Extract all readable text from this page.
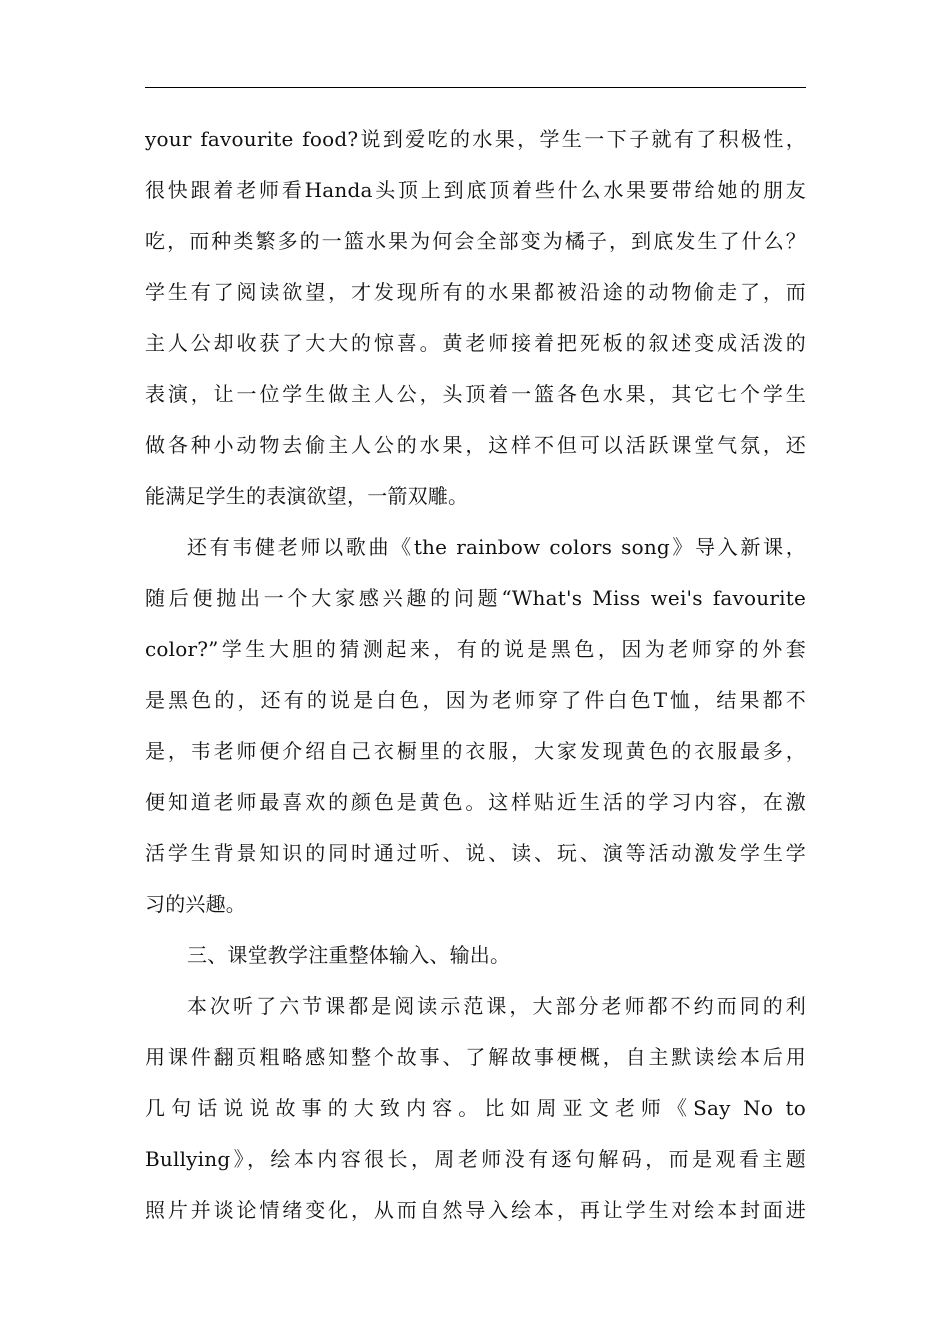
your favourite food?说到爱吃的水果，学生一下子就有了积极性，
很快跟着老师看Handa头顶上到底顶着些什么水果要带给她的朋友
吃，而种类繁多的一篮水果为何会全部变为橘子，到底发生了什么？
学生有了阅读欲望，才发现所有的水果都被沿途的动物偷走了，而
主人公却收获了大大的惊喜。黄老师接着把死板的叙述变成活泼的
表演，让一位学生做主人公，头顶着一篮各色水果，其它七个学生
做各种小动物去偷主人公的水果，这样不但可以活跃课堂气氛，还
能满足学生的表演欲望，一箭双雕。
还有韦健老师以歌曲《the rainbow colors song》导入新课，
随后便抛出一个大家感兴趣的问题“What's Miss wei's favourite
color?”学生大胆的猜测起来，有的说是黑色，因为老师穿的外套
是黑色的，还有的说是白色，因为老师穿了件白色T恤，结果都不
是，韦老师便介绍自己衣橱里的衣服，大家发现黄色的衣服最多，
便知道老师最喜欢的颜色是黄色。这样贴近生活的学习内容，在激
活学生背景知识的同时通过听、说、读、玩、演等活动激发学生学
习的兴趣。
三、课堂教学注重整体输入、输出。
本次听了六节课都是阅读示范课，大部分老师都不约而同的利
用课件翻页粗略感知整个故事、了解故事梗概，自主默读绘本后用
几句话说说故事的大致内容。比如周亚文老师《Say No to
Bullying》，绘本内容很长，周老师没有逐句解码，而是观看主题
照片并谈论情绪变化，从而自然导入绘本，再让学生对绘本封面进
